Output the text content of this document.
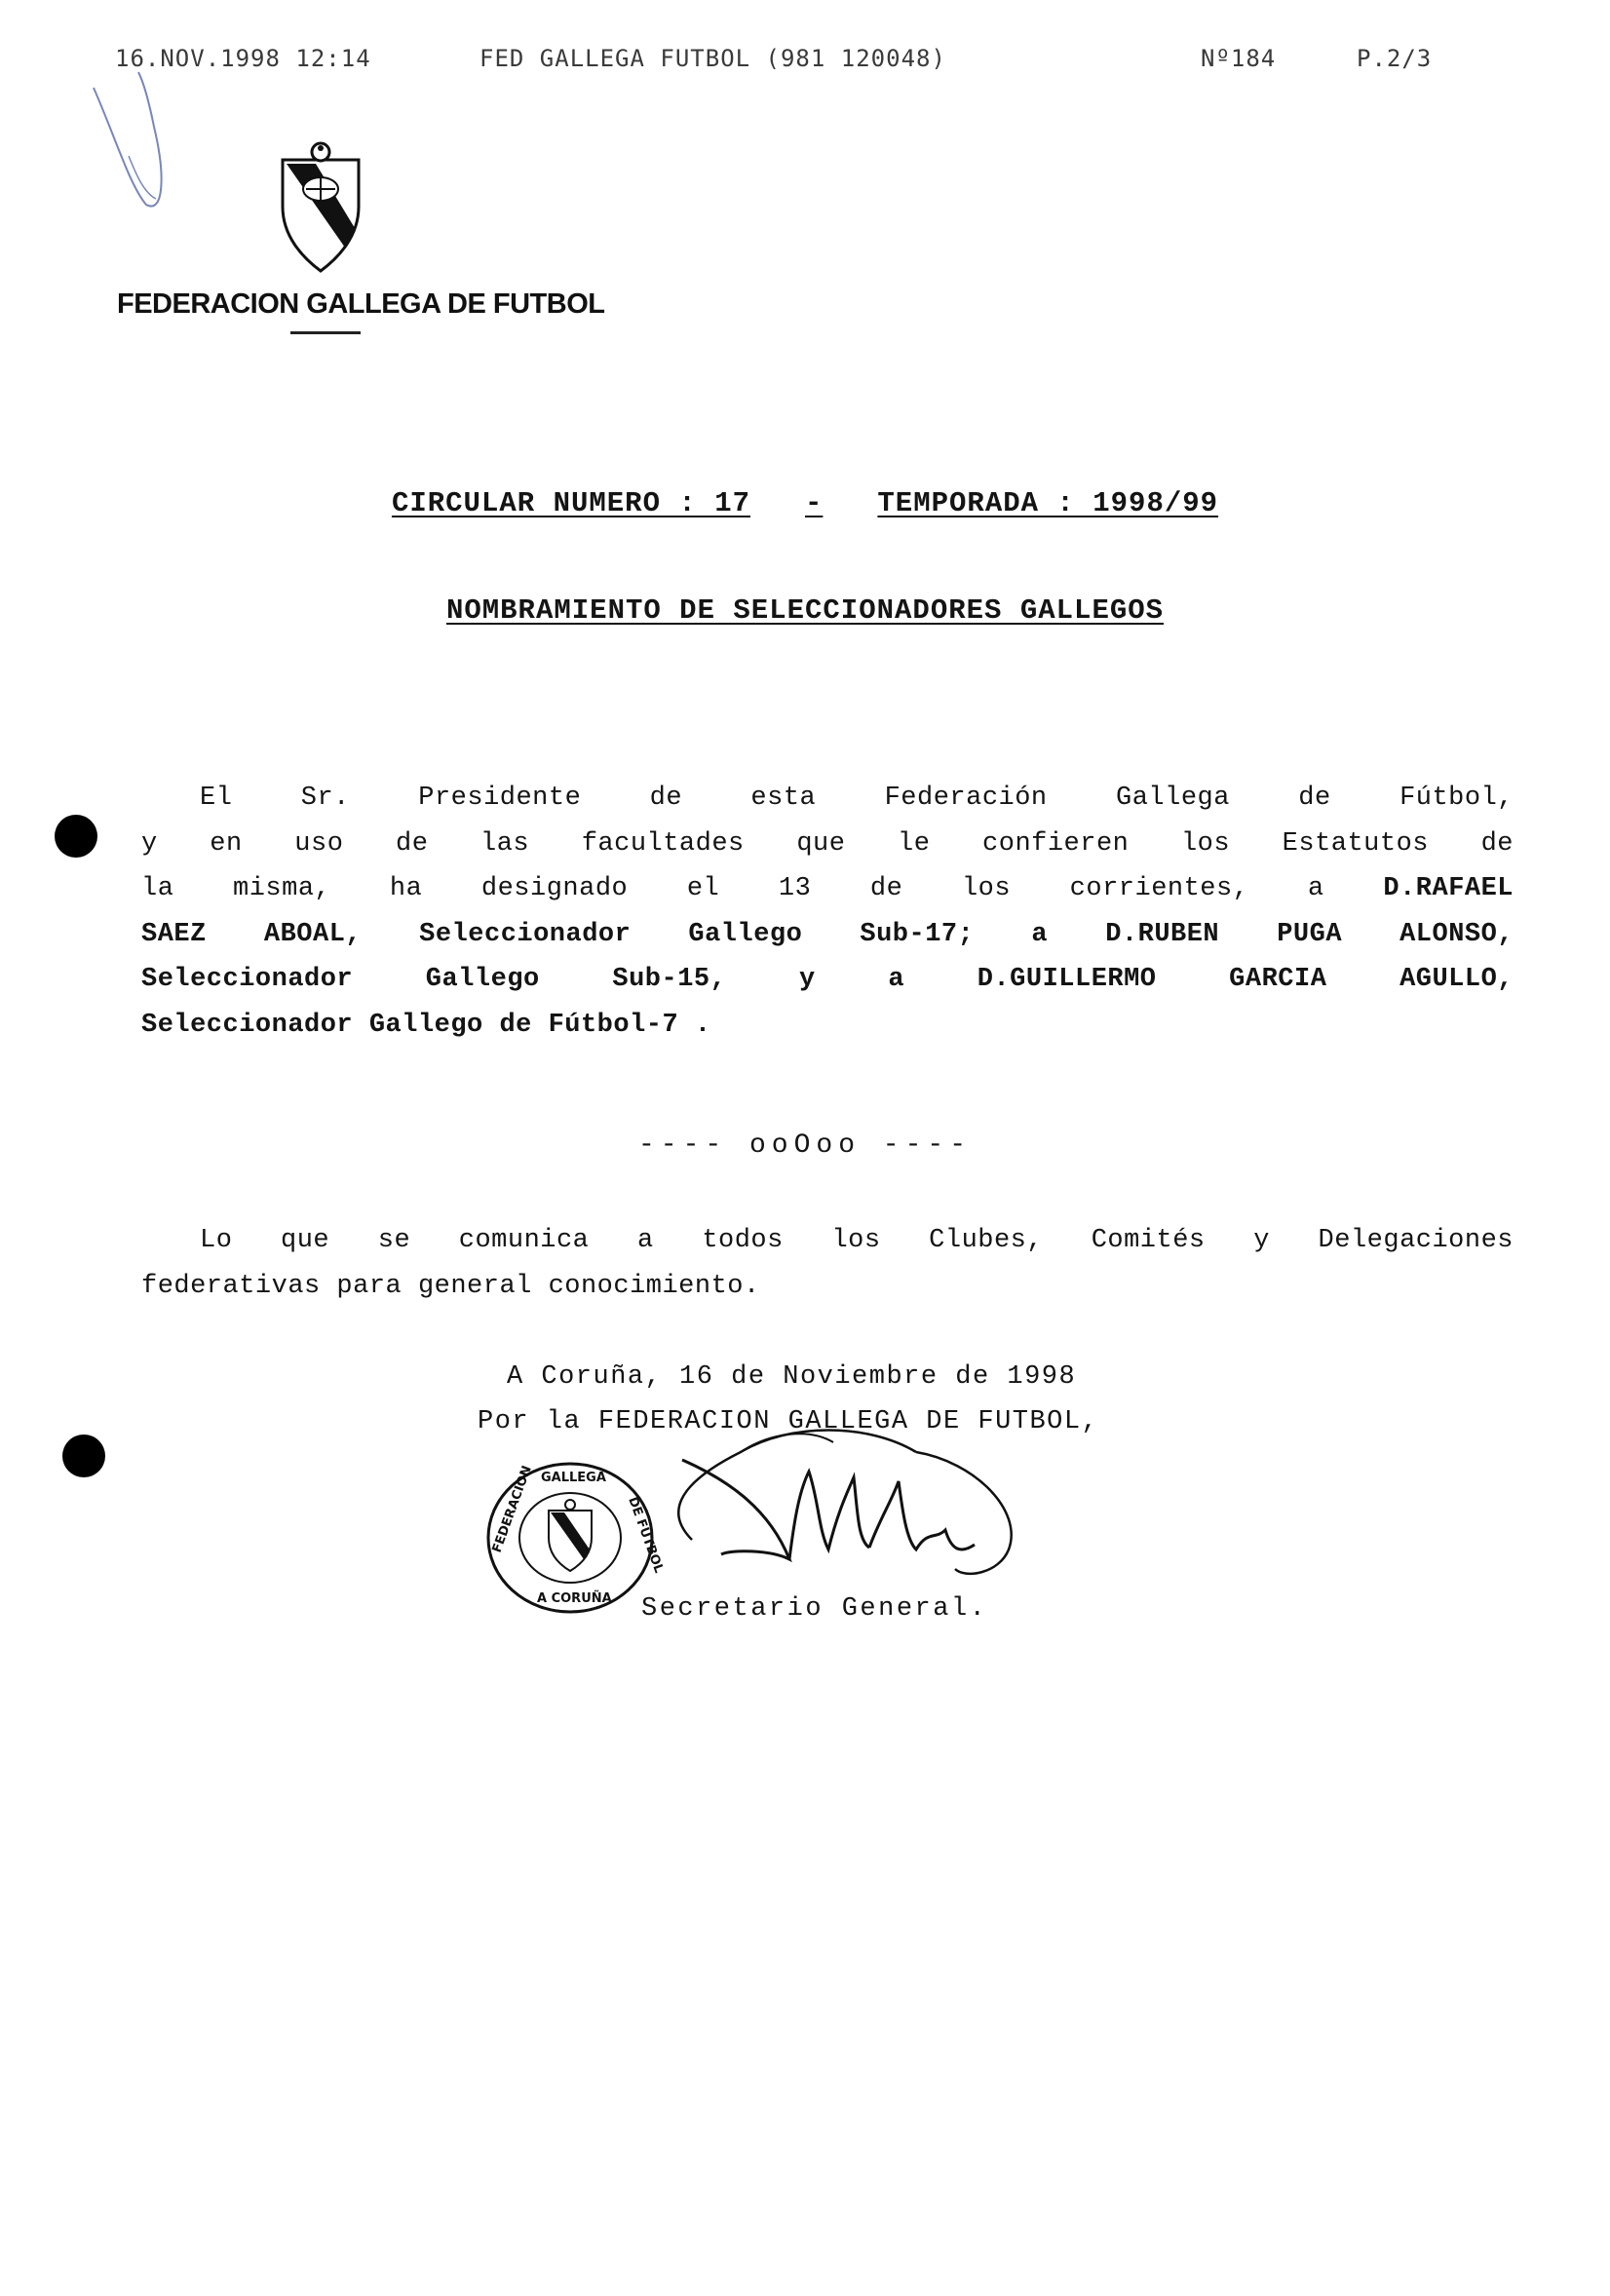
16.NOV.1998 12:14	FED GALLEGA FUTBOL (981 120048)	Nº184	P.2/3
FEDERACION GALLEGA DE FUTBOL
CIRCULAR NUMERO : 17 - TEMPORADA : 1998/99
NOMBRAMIENTO DE SELECCIONADORES GALLEGOS
El Sr. Presidente de esta Federación Gallega de Fútbol,
y en uso de las facultades que le confieren los Estatutos de
la misma, ha designado el 13 de los corrientes, a D.RAFAEL
SAEZ ABOAL, Seleccionador Gallego Sub-17; a D.RUBEN PUGA ALONSO,
Seleccionador Gallego Sub-15, y	a	D.GUILLERMO GARCIA AGULLO,
Seleccionador Gallego de Fútbol-7 .
---- ooOoo ----
Lo que se comunica a todos los Clubes, Comités y Delegaciones
federativas para general conocimiento.
A Coruña, 16 de Noviembre de 1998
Por la FEDERACION GALLEGA DE FUTBOL,
FEDERACION GALLEGA
DE FUTBOL
A CORUÑA Secretario General.
